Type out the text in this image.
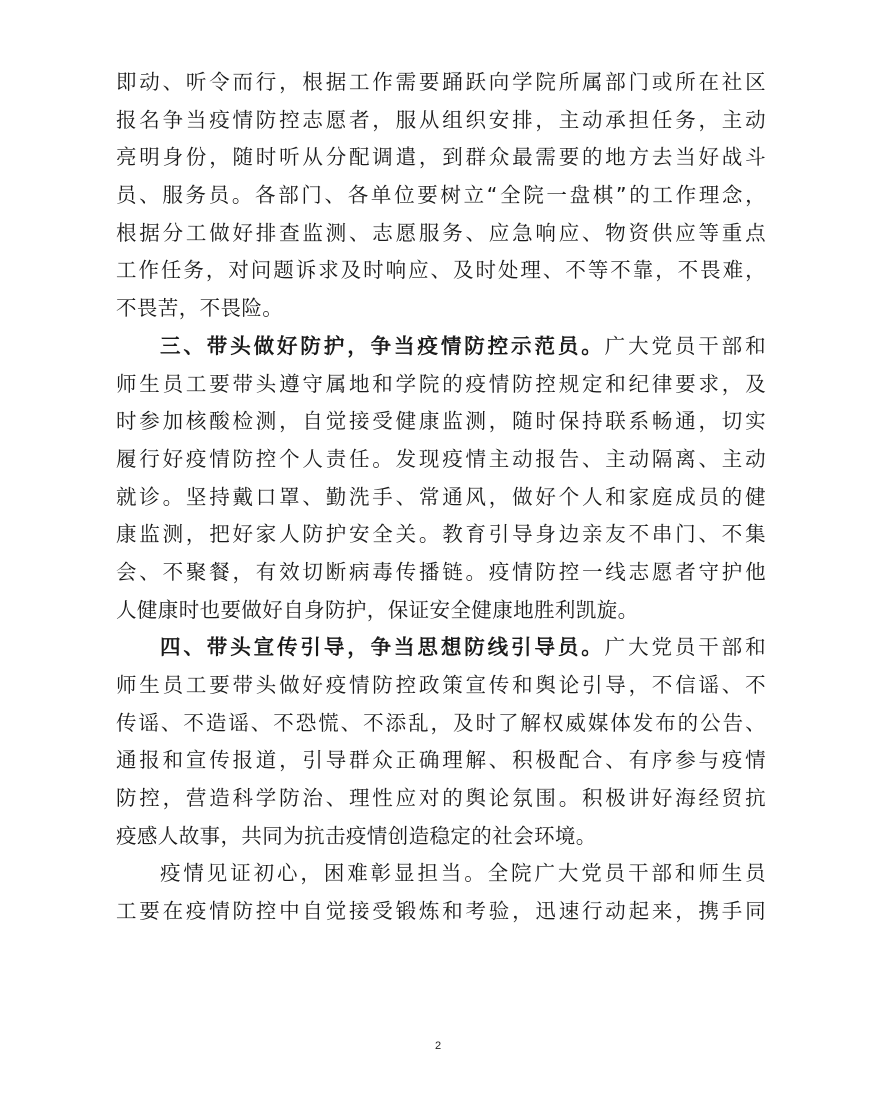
即动、听令而行，根据工作需要踊跃向学院所属部门或所在社区
报名争当疫情防控志愿者，服从组织安排，主动承担任务，主动
亮明身份，随时听从分配调遣，到群众最需要的地方去当好战斗
员、服务员。各部门、各单位要树立“全院一盘棋”的工作理念，
根据分工做好排查监测、志愿服务、应急响应、物资供应等重点
工作任务，对问题诉求及时响应、及时处理、不等不靠，不畏难，
不畏苦，不畏险。
三、带头做好防护，争当疫情防控示范员。广大党员干部和
师生员工要带头遵守属地和学院的疫情防控规定和纪律要求，及
时参加核酸检测，自觉接受健康监测，随时保持联系畅通，切实
履行好疫情防控个人责任。发现疫情主动报告、主动隔离、主动
就诊。坚持戴口罩、勤洗手、常通风，做好个人和家庭成员的健
康监测，把好家人防护安全关。教育引导身边亲友不串门、不集
会、不聚餐，有效切断病毒传播链。疫情防控一线志愿者守护他
人健康时也要做好自身防护，保证安全健康地胜利凯旋。
四、带头宣传引导，争当思想防线引导员。广大党员干部和
师生员工要带头做好疫情防控政策宣传和舆论引导，不信谣、不
传谣、不造谣、不恐慌、不添乱，及时了解权威媒体发布的公告、
通报和宣传报道，引导群众正确理解、积极配合、有序参与疫情
防控，营造科学防治、理性应对的舆论氛围。积极讲好海经贸抗
疫感人故事，共同为抗击疫情创造稳定的社会环境。
疫情见证初心，困难彰显担当。全院广大党员干部和师生员
工要在疫情防控中自觉接受锻炼和考验，迅速行动起来，携手同
2
